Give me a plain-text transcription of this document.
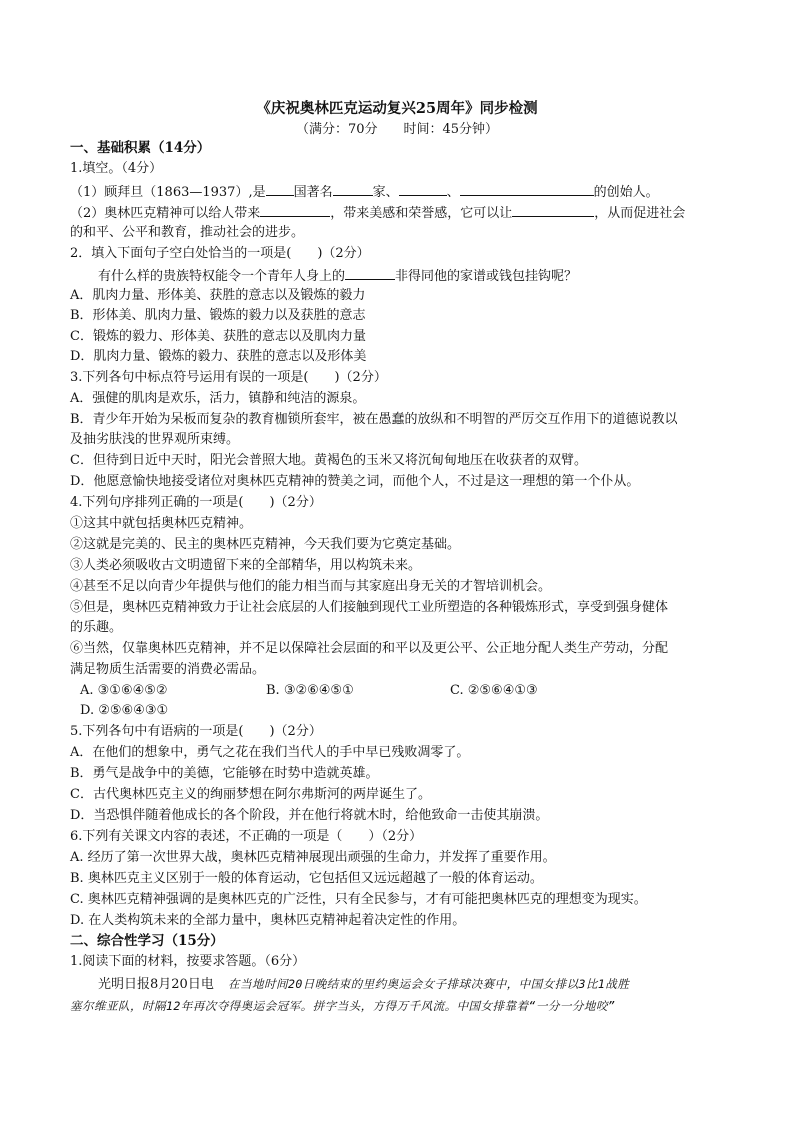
《庆祝奥林匹克运动复兴25周年》同步检测
（满分：70分　　时间：45分钟）
一、基础积累（14分）
1.填空。（4分）
（1）顾拜旦（1863—1937）,是 国著名	家、	、	的创始人。
（2）奥林匹克精神可以给人带来	，带来美感和荣誉感，它可以让	，从而促进社会
的和平、公平和教育，推动社会的进步。
2．填入下面句子空白处恰当的一项是(　　)（2分）
有什么样的贵族特权能令一个青年人身上的	非得同他的家谱或钱包挂钩呢？
A．肌肉力量、形体美、获胜的意志以及锻炼的毅力
B．形体美、肌肉力量、锻炼的毅力以及获胜的意志
C．锻炼的毅力、形体美、获胜的意志以及肌肉力量
D．肌肉力量、锻炼的毅力、获胜的意志以及形体美
3.下列各句中标点符号运用有误的一项是(　　)（2分）
A．强健的肌肉是欢乐，活力，镇静和纯洁的源泉。
B．青少年开始为呆板而复杂的教育枷锁所套牢，被在愚蠢的放纵和不明智的严厉交互作用下的道德说教以
及抽劣肤浅的世界观所束缚。
C．但待到日近中天时，阳光会普照大地。黄褐色的玉米又将沉甸甸地压在收获者的双臂。
D．他愿意愉快地接受诸位对奥林匹克精神的赞美之词，而他个人，不过是这一理想的第一个仆从。
4.下列句序排列正确的一项是(　　)（2分）
①这其中就包括奥林匹克精神。
②这就是完美的、民主的奥林匹克精神，今天我们要为它奠定基础。
③人类必须吸收古文明遗留下来的全部精华，用以构筑未来。
④甚至不足以向青少年提供与他们的能力相当而与其家庭出身无关的才智培训机会。
⑤但是，奥林匹克精神致力于让社会底层的人们接触到现代工业所塑造的各种锻炼形式，享受到强身健体
的乐趣。
⑥当然，仅靠奥林匹克精神，并不足以保障社会层面的和平以及更公平、公正地分配人类生产劳动，分配
满足物质生活需要的消费必需品。
A. ③①⑥④⑤②	B. ③②⑥④⑤①	C. ②⑤⑥④①③
D. ②⑤⑥④③①
5.下列各句中有语病的一项是(　　)（2分）
A．在他们的想象中，勇气之花在我们当代人的手中早已残败凋零了。
B．勇气是战争中的美德，它能够在时势中造就英雄。
C．古代奥林匹克主义的绚丽梦想在阿尔弗斯河的两岸诞生了。
D．当恐惧伴随着他成长的各个阶段，并在他行将就木时，给他致命一击使其崩溃。
6.下列有关课文内容的表述，不正确的一项是（　　）（2分）
A. 经历了第一次世界大战，奥林匹克精神展现出顽强的生命力，并发挥了重要作用。
B. 奥林匹克主义区别于一般的体育运动，它包括但又远远超越了一般的体育运动。
C. 奥林匹克精神强调的是奥林匹克的广泛性，只有全民参与，才有可能把奥林匹克的理想变为现实。
D. 在人类构筑未来的全部力量中，奥林匹克精神起着决定性的作用。
二、综合性学习（15分）
1.阅读下面的材料，按要求答题。（6分）
光明日报8月20日电 在当地时间20日晚结束的里约奥运会女子排球决赛中，中国女排以3比1战胜
塞尔维亚队，时隔12年再次夺得奥运会冠军。拼字当头，方得万千风流。中国女排靠着“一分一分地咬”
